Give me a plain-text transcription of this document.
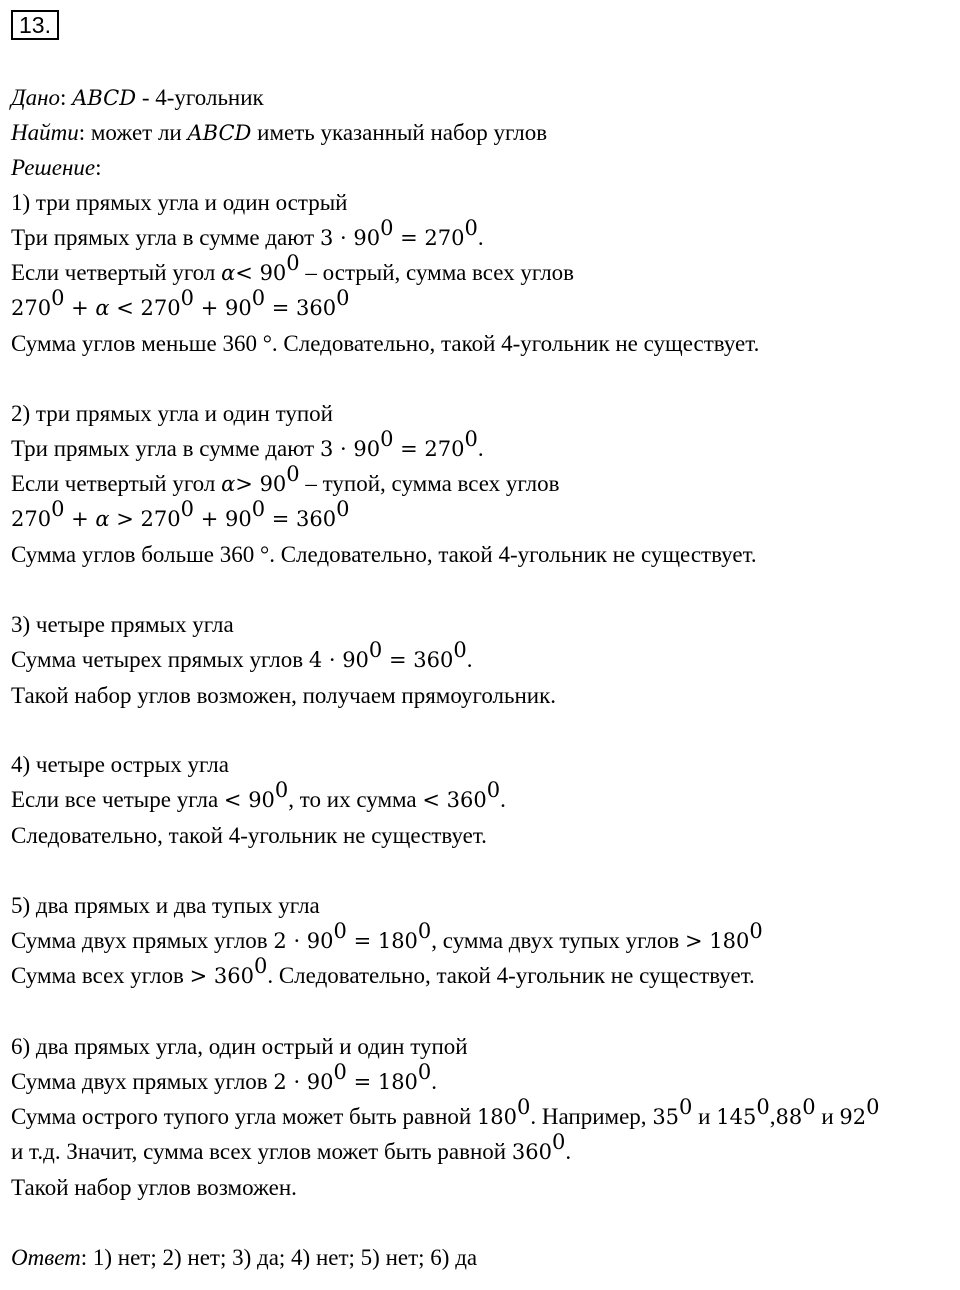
13.
Дано: ABCD - 4-угольник
Найти: может ли ABCD иметь указанный набор углов
Решение:
1) три прямых угла и один острый
Три прямых угла в сумме дают $3 \cdot 90^0 = 270^0$.
Если четвертый угол $\alpha< 90^0$ – острый, сумма всех углов
$270^0 + \alpha < 270^0 + 90^0 = 360^0$
Сумма углов меньше 360 °. Следовательно, такой 4-угольник не существует.
2) три прямых угла и один тупой
Три прямых угла в сумме дают $3 \cdot 90^0 = 270^0$.
Если четвертый угол $\alpha> 90^0$ – тупой, сумма всех углов
$270^0 + \alpha > 270^0 + 90^0 = 360^0$
Сумма углов больше 360 °. Следовательно, такой 4-угольник не существует.
3) четыре прямых угла
Сумма четырех прямых углов $4 \cdot 90^0 = 360^0$.
Такой набор углов возможен, получаем прямоугольник.
4) четыре острых угла
Если все четыре угла < $90^0$, то их сумма < $360^0$.
Следовательно, такой 4-угольник не существует.
5) два прямых и два тупых угла
Сумма двух прямых углов $2 \cdot 90^0 = 180^0$, сумма двух тупых углов > $180^0$
Сумма всех углов > $360^0$. Следовательно, такой 4-угольник не существует.
6) два прямых угла, один острый и один тупой
Сумма двух прямых углов $2 \cdot 90^0 = 180^0$.
Сумма острого тупого угла может быть равной $180^0$. Например, $35^0$ и $145^0,88^0$ и $92^0$
и т.д. Значит, сумма всех углов может быть равной $360^0$.
Такой набор углов возможен.
Ответ: 1) нет; 2) нет; 3) да; 4) нет; 5) нет; 6) да
